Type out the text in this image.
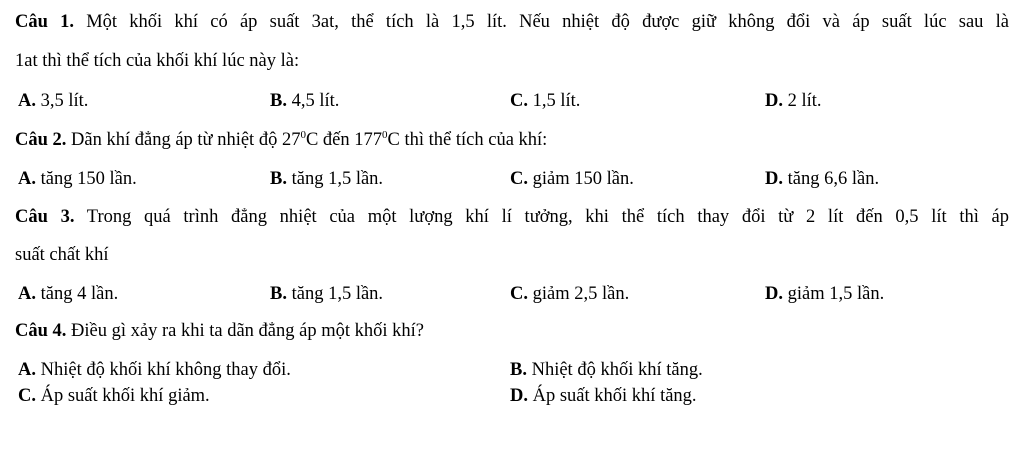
Câu 1. Một khối khí có áp suất 3at, thể tích là 1,5 lít. Nếu nhiệt độ được giữ không đổi và áp suất lúc sau là
1at thì thể tích của khối khí lúc này là:
A. 3,5 lít.	B. 4,5 lít.	C. 1,5 lít.	D. 2 lít.
Câu 2. Dãn khí đẳng áp từ nhiệt độ $27^0C$ đến $177^0C$ thì thể tích của khí:
A. tăng 150 lần.	B. tăng 1,5 lần.	C. giảm 150 lần.	D. tăng 6,6 lần.
Câu 3. Trong quá trình đẳng nhiệt của một lượng khí lí tưởng, khi thể tích thay đổi từ 2 lít đến 0,5 lít thì áp
suất chất khí
A. tăng 4 lần.	B. tăng 1,5 lần.	C. giảm 2,5 lần.	D. giảm 1,5 lần.
Câu 4. Điều gì xảy ra khi ta dãn đẳng áp một khối khí?
A. Nhiệt độ khối khí không thay đổi.	B. Nhiệt độ khối khí tăng.
C. Áp suất khối khí giảm.	D. Áp suất khối khí tăng.
